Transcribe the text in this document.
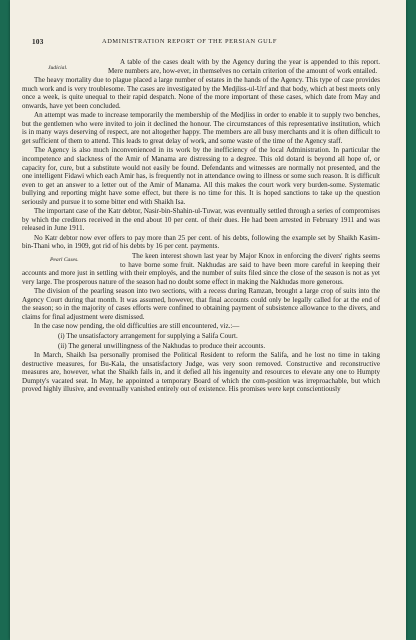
103	ADMINISTRATION REPORT OF THE PERSIAN GULF

Judicial.
A table of the cases dealt with by the Agency during the year is appended to this report. Mere numbers are, how-ever, in themselves no certain criterion of the amount of work entailed.

The heavy mortality due to plague placed a large number of estates in the hands of the Agency. This type of case provides much work and is very troublesome. The cases are investigated by the Medjliss-ul-Urf and that body, which at best meets only once a week, is quite unequal to their rapid despatch. None of the more important of these cases, which date from May and onwards, have yet been concluded.

An attempt was made to increase temporarily the membership of the Medjliss in order to enable it to supply two benches, but the gentlemen who were invited to join it declined the honour. The circumstances of this representative institution, which is in many ways deserving of respect, are not altogether happy. The members are all busy merchants and it is often difficult to get sufficient of them to attend. This leads to great delay of work, and some waste of the time of the Agency staff.

The Agency is also much inconvenienced in its work by the inefficiency of the local Administration. In particular the incompetence and slackness of the Amir of Manama are distressing to a degree. This old dotard is beyond all hope of, or capacity for, cure, but a substitute would not easily be found. Defendants and witnesses are normally not presented, and the one intelligent Fidawi which each Amir has, is frequently not in attendance owing to illness or some such reason. It is difficult even to get an answer to a letter out of the Amir of Manama. All this makes the court work very burden-some. Systematic bullying and reporting might have some effect, but there is no time for this. It is hoped sanctions to take up the question seriously and pursue it to some bitter end with Shaikh Isa.

The important case of the Katr debtor, Nasir-bin-Shahin-ul-Tuwar, was eventually settled through a series of compromises by which the creditors received in the end about 10 per cent. of their dues. He had been arrested in February 1911 and was released in June 1911.

No Katr debtor now ever offers to pay more than 25 per cent. of his debts, following the example set by Shaikh Kasim-bin-Thani who, in 1909, got rid of his debts by 16 per cent. payments.

Pearl Cases.	The keen interest shown last year by Major Knox in enforcing the divers' rights seems to have borne some fruit. Nakhudas are said to have been more careful in keeping their accounts and more just in settling with their employés, and the number of suits filed since the close of the season is not as yet very large. The prosperous nature of the season had no doubt some effect in making the Nakhudas more generous.

The division of the pearling season into two sections, with a recess during Ramzan, brought a large crop of suits into the Agency Court during that month. It was assumed, however, that final accounts could only be legally called for at the end of the season; so in the majority of cases efforts were confined to obtaining payment of subsistence allowance to the divers, and claims for final adjustment were dismissed.

In the case now pending, the old difficulties are still encountered, viz.:—

(i) The unsatisfactory arrangement for supplying a Salifa Court.
(ii) The general unwillingness of the Nakhudas to produce their accounts.

In March, Shaikh Isa personally promised the Political Resident to reform the Salifa, and he lost no time in taking destructive measures, for Bu-Kala, the unsatisfactory Judge, was very soon removed. Constructive and reconstructive measures are, however, what the Shaikh fails in, and it defied all his ingenuity and resources to elevate any one to Humpty Dumpty's vacated seat. In May, he appointed a temporary Board of which the com-position was irreproachable, but which proved highly illusive, and eventually vanished entirely out of existence. His promises were kept conscientiously
